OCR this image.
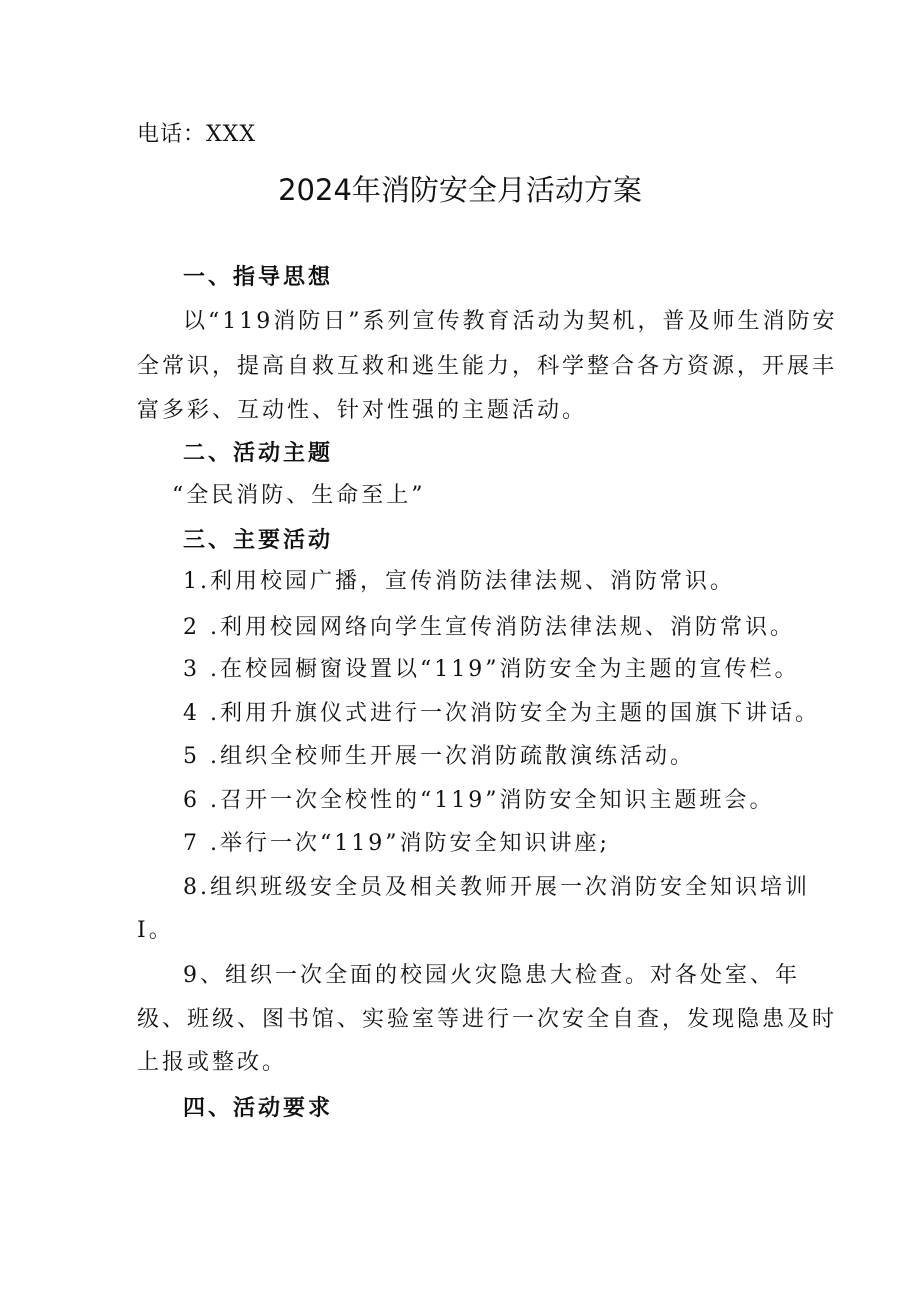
电话：XXX
2024年消防安全月活动方案
一、指导思想
以“119消防日”系列宣传教育活动为契机，普及师生消防安
全常识，提高自救互救和逃生能力，科学整合各方资源，开展丰
富多彩、互动性、针对性强的主题活动。
二、活动主题
“全民消防、生命至上”
三、主要活动
1.利用校园广播，宣传消防法律法规、消防常识。
2 .利用校园网络向学生宣传消防法律法规、消防常识。
3 .在校园橱窗设置以“119”消防安全为主题的宣传栏。
4 .利用升旗仪式进行一次消防安全为主题的国旗下讲话。
5 .组织全校师生开展一次消防疏散演练活动。
6 .召开一次全校性的“119”消防安全知识主题班会。
7 .举行一次“119”消防安全知识讲座;
8.组织班级安全员及相关教师开展一次消防安全知识培训
I。
9、组织一次全面的校园火灾隐患大检查。对各处室、年
级、班级、图书馆、实验室等进行一次安全自查，发现隐患及时
上报或整改。
四、活动要求
